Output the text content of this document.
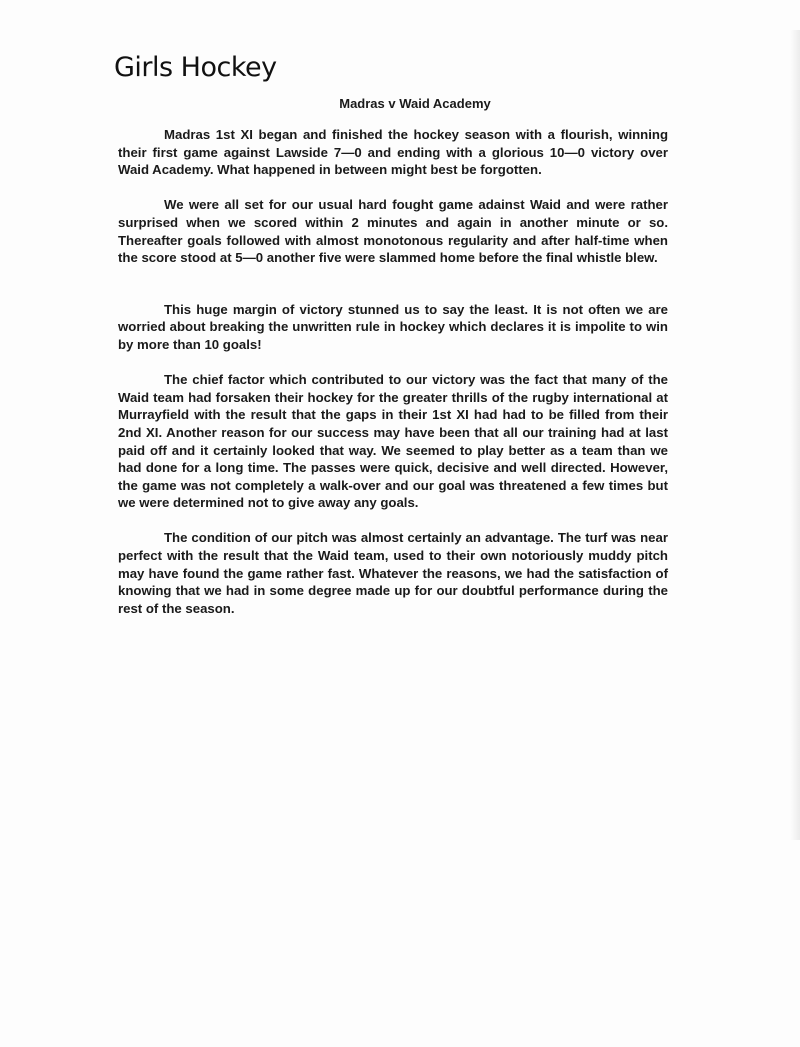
Girls Hockey
Madras v Waid Academy

Madras 1st XI began and finished the hockey season with a flourish, winning their first game against Lawside 7—0 and ending with a glorious 10—0 victory over Waid Academy. What happened in between might best be forgotten.

We were all set for our usual hard fought game adainst Waid and were rather surprised when we scored within 2 minutes and again in another minute or so. Thereafter goals followed with almost monotonous regularity and after half-time when the score stood at 5—0 another five were slammed home before the final whistle blew.

This huge margin of victory stunned us to say the least. It is not often we are worried about breaking the unwritten rule in hockey which declares it is impolite to win by more than 10 goals!

The chief factor which contributed to our victory was the fact that many of the Waid team had forsaken their hockey for the greater thrills of the rugby international at Murrayfield with the result that the gaps in their 1st XI had had to be filled from their 2nd XI. Another reason for our success may have been that all our training had at last paid off and it certainly looked that way. We seemed to play better as a team than we had done for a long time. The passes were quick, decisive and well directed. However, the game was not completely a walk-over and our goal was threatened a few times but we were determined not to give away any goals.

The condition of our pitch was almost certainly an advantage. The turf was near perfect with the result that the Waid team, used to their own notoriously muddy pitch may have found the game rather fast. Whatever the reasons, we had the satisfaction of knowing that we had in some degree made up for our doubtful performance during the rest of the season.
